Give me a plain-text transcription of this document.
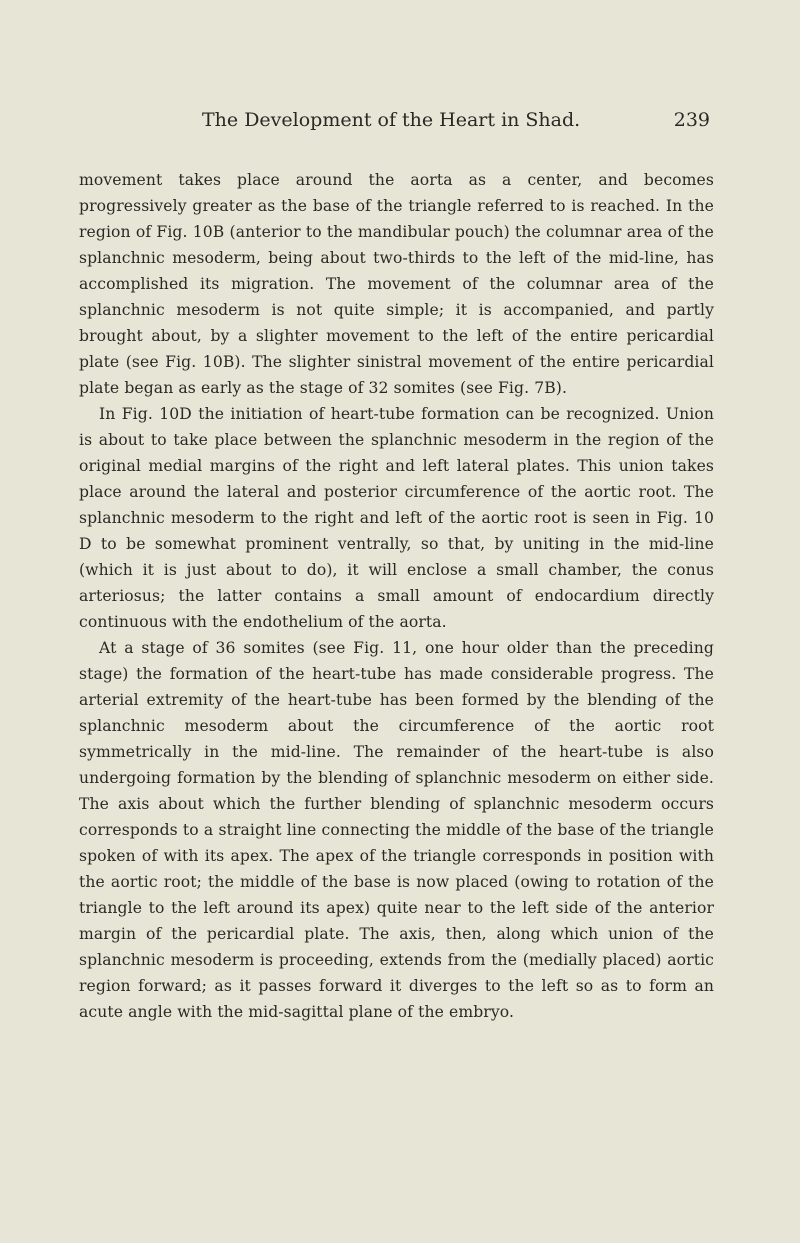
The Development of the Heart in Shad.	239

movement takes place around the aorta as a center, and becomes progressively greater as the base of the triangle referred to is reached. In the region of Fig. 10B (anterior to the mandibular pouch) the columnar area of the splanchnic mesoderm, being about two-thirds to the left of the mid-line, has accomplished its migration. The movement of the columnar area of the splanchnic mesoderm is not quite simple; it is accompanied, and partly brought about, by a slighter movement to the left of the entire pericardial plate (see Fig. 10B). The slighter sinistral movement of the entire pericardial plate began as early as the stage of 32 somites (see Fig. 7B).

In Fig. 10D the initiation of heart-tube formation can be recognized. Union is about to take place between the splanchnic mesoderm in the region of the original medial margins of the right and left lateral plates. This union takes place around the lateral and posterior circumference of the aortic root. The splanchnic mesoderm to the right and left of the aortic root is seen in Fig. 10 D to be somewhat prominent ventrally, so that, by uniting in the mid-line (which it is just about to do), it will enclose a small chamber, the conus arteriosus; the latter contains a small amount of endocardium directly continuous with the endothelium of the aorta.

At a stage of 36 somites (see Fig. 11, one hour older than the preceding stage) the formation of the heart-tube has made considerable progress. The arterial extremity of the heart-tube has been formed by the blending of the splanchnic mesoderm about the circumference of the aortic root symmetrically in the mid-line. The remainder of the heart-tube is also undergoing formation by the blending of splanchnic mesoderm on either side. The axis about which the further blending of splanchnic mesoderm occurs corresponds to a straight line connecting the middle of the base of the triangle spoken of with its apex. The apex of the triangle corresponds in position with the aortic root; the middle of the base is now placed (owing to rotation of the triangle to the left around its apex) quite near to the left side of the anterior margin of the pericardial plate. The axis, then, along which union of the splanchnic mesoderm is proceeding, extends from the (medially placed) aortic region forward; as it passes forward it diverges to the left so as to form an acute angle with the mid-sagittal plane of the embryo.
